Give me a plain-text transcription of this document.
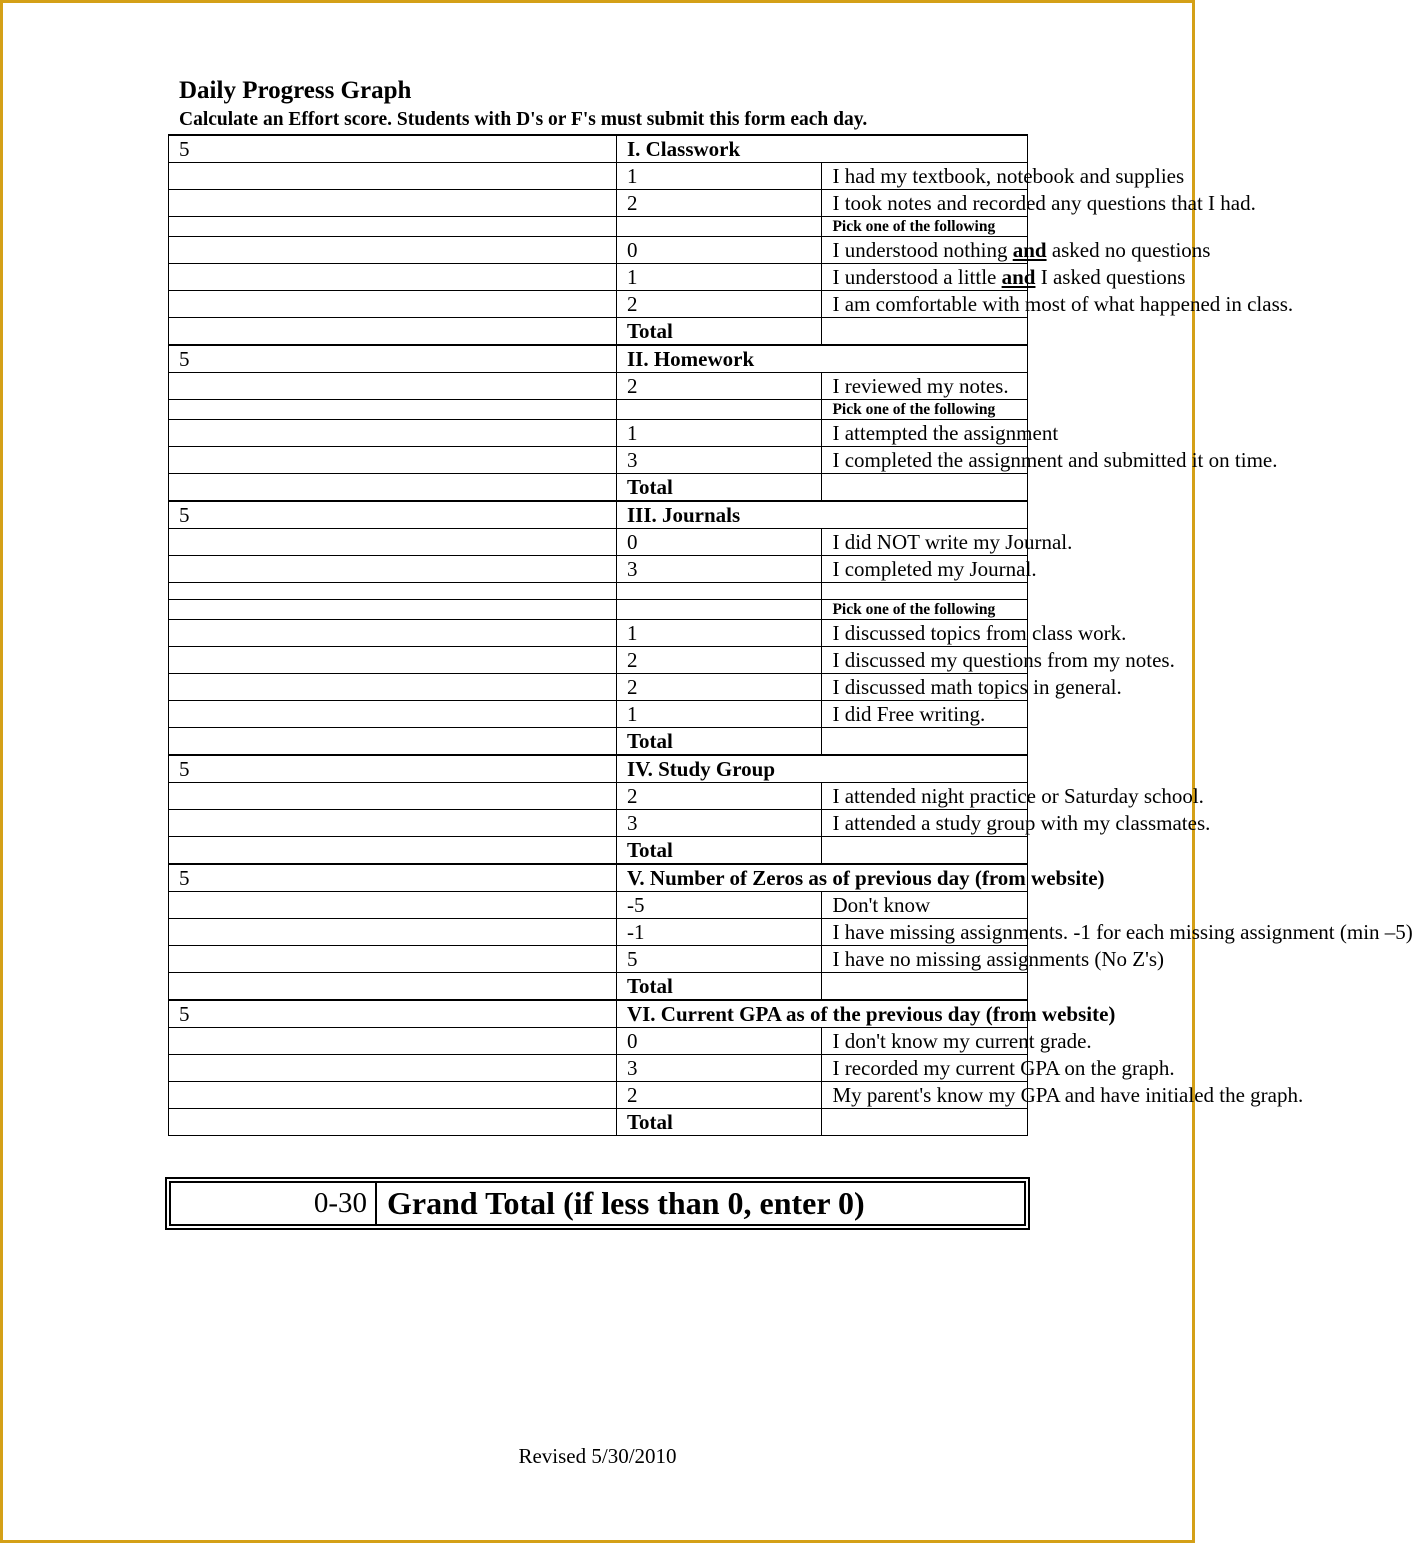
Daily Progress Graph
Calculate an Effort score. Students with D's or F's must submit this form each day.
5	I. Classwork	
	1	I had my textbook, notebook and supplies
	2	I took notes and recorded any questions that I had.
		Pick one of the following
	0	I understood nothing and asked no questions
	1	I understood a little and I asked questions
	2	I am comfortable with most of what happened in class.
	Total	
5	II. Homework	
	2	I reviewed my notes.
		Pick one of the following
	1	I attempted the assignment
	3	I completed the assignment and submitted it on time.
	Total	
5	III. Journals	
	0	I did NOT write my Journal.
	3	I completed my Journal.

		Pick one of the following
	1	I discussed topics from class work.
	2	I discussed my questions from my notes.
	2	I discussed math topics in general.
	1	I did Free writing.
	Total	
5	IV. Study Group	
	2	I attended night practice or Saturday school.
	3	I attended a study group with my classmates.
	Total	
5	V. Number of Zeros as of previous day (from website)	
	-5	Don't know
	-1	I have missing assignments. -1 for each missing assignment (min –5)
	5	I have no missing assignments (No Z's)
	Total	
5	VI. Current GPA as of the previous day (from website)	
	0	I don't know my current grade.
	3	I recorded my current GPA on the graph.
	2	My parent's know my GPA and have initialed the graph.
	Total	
0-30	Grand Total (if less than 0, enter 0)
Revised 5/30/2010
